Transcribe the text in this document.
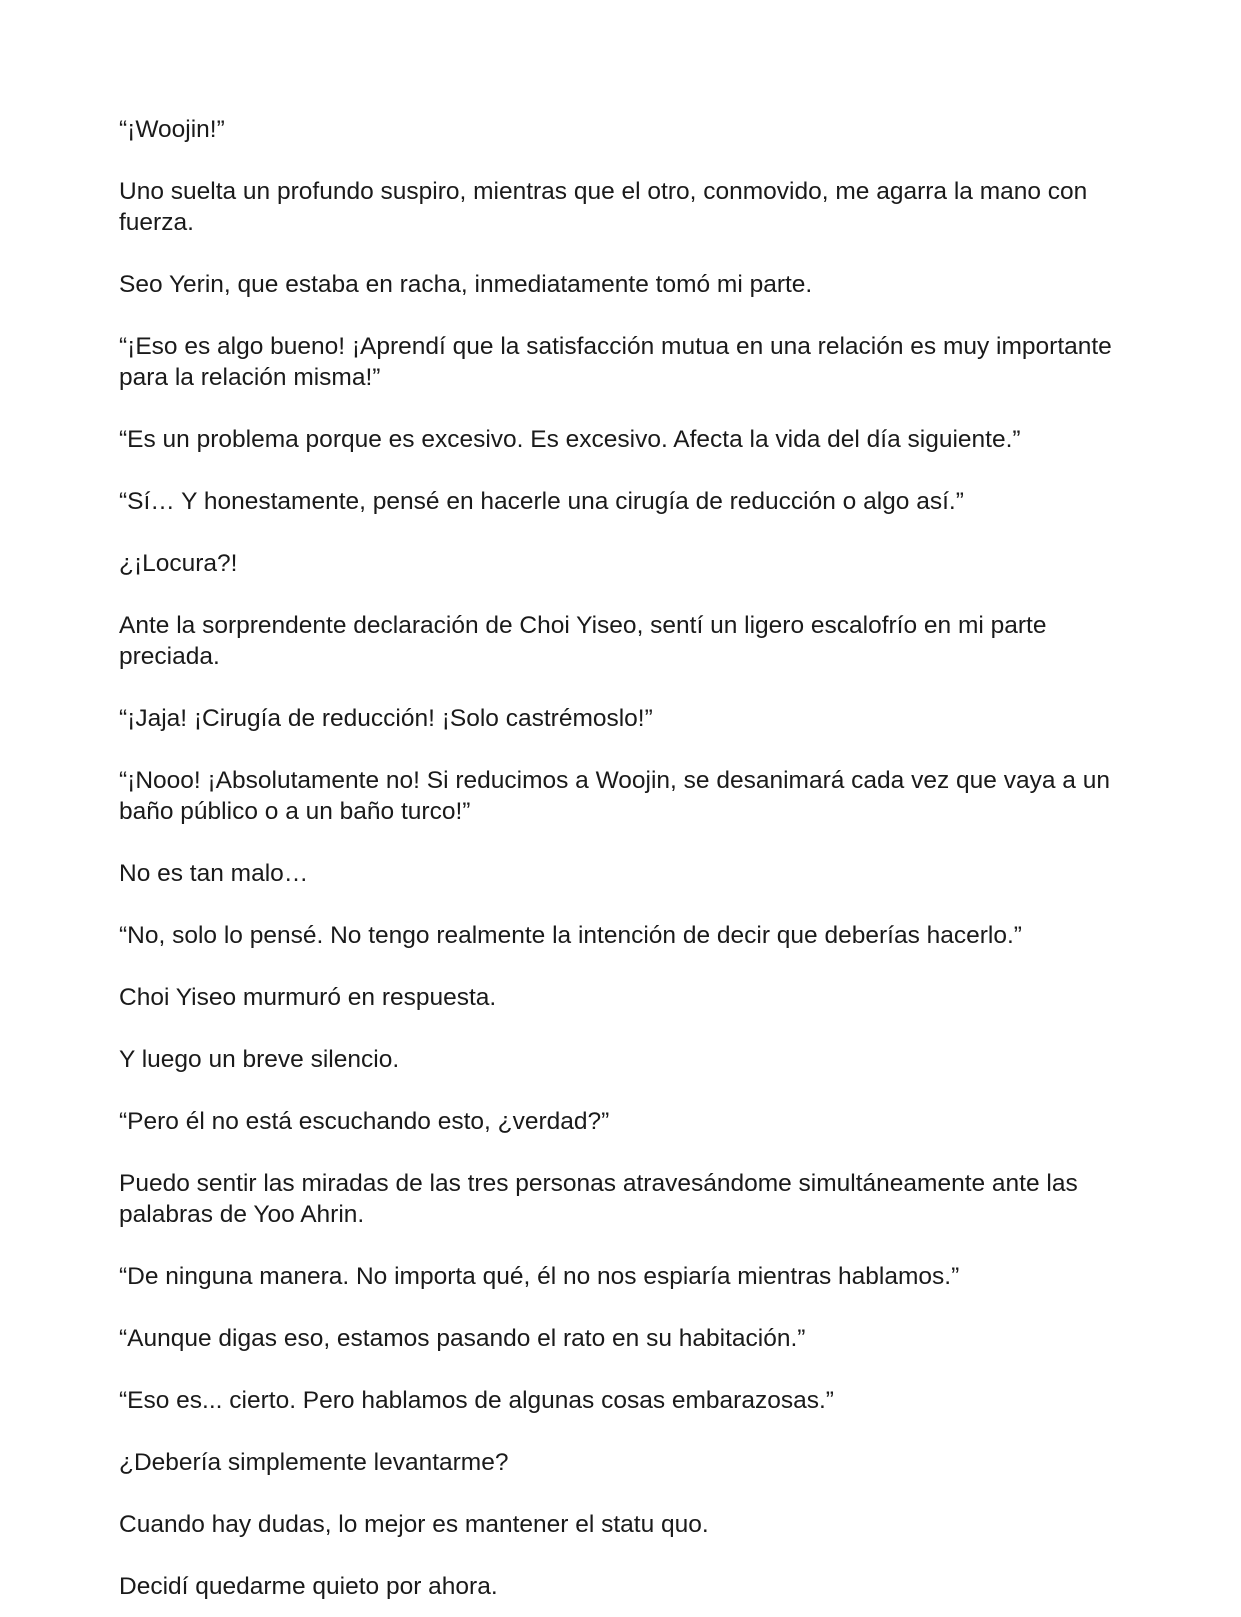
“¡Woojin!”

Uno suelta un profundo suspiro, mientras que el otro, conmovido, me agarra la mano con fuerza.

Seo Yerin, que estaba en racha, inmediatamente tomó mi parte.

“¡Eso es algo bueno! ¡Aprendí que la satisfacción mutua en una relación es muy importante para la relación misma!”

“Es un problema porque es excesivo. Es excesivo. Afecta la vida del día siguiente.”

“Sí… Y honestamente, pensé en hacerle una cirugía de reducción o algo así.”

¿¡Locura?!

Ante la sorprendente declaración de Choi Yiseo, sentí un ligero escalofrío en mi parte preciada.

“¡Jaja! ¡Cirugía de reducción! ¡Solo castrémoslo!”

“¡Nooo! ¡Absolutamente no! Si reducimos a Woojin, se desanimará cada vez que vaya a un baño público o a un baño turco!”

No es tan malo…

“No, solo lo pensé. No tengo realmente la intención de decir que deberías hacerlo.”

Choi Yiseo murmuró en respuesta.

Y luego un breve silencio.

“Pero él no está escuchando esto, ¿verdad?”

Puedo sentir las miradas de las tres personas atravesándome simultáneamente ante las palabras de Yoo Ahrin.

“De ninguna manera. No importa qué, él no nos espiaría mientras hablamos.”

“Aunque digas eso, estamos pasando el rato en su habitación.”

“Eso es... cierto. Pero hablamos de algunas cosas embarazosas.”

¿Debería simplemente levantarme?

Cuando hay dudas, lo mejor es mantener el statu quo.

Decidí quedarme quieto por ahora.
